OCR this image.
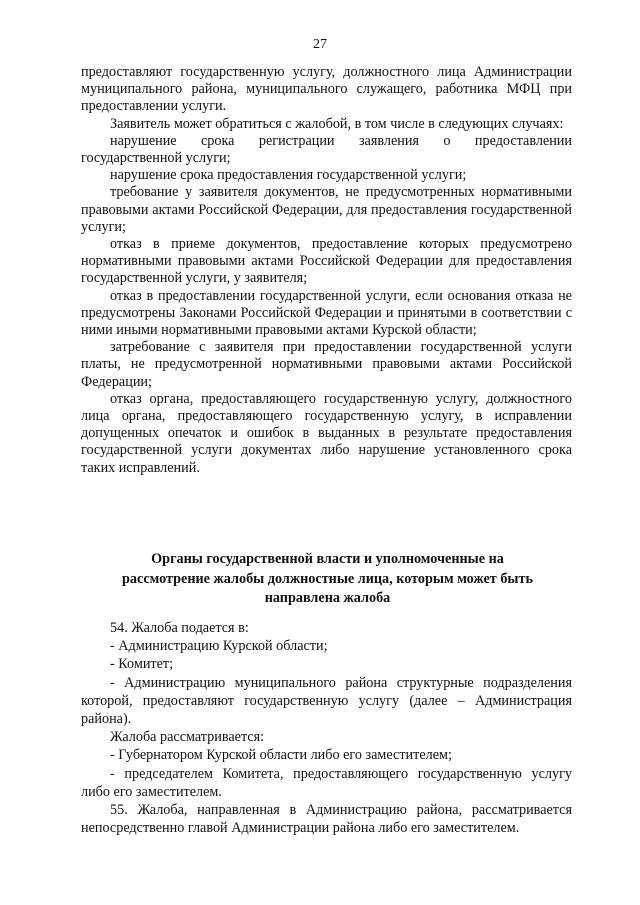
27

предоставляют государственную услугу, должностного лица Администрации муниципального района, муниципального служащего, работника МФЦ при предоставлении услуги.

Заявитель может обратиться с жалобой, в том числе в следующих случаях:

нарушение срока регистрации заявления о предоставлении государственной услуги;

нарушение срока предоставления государственной услуги;

требование у заявителя документов, не предусмотренных нормативными правовыми актами Российской Федерации, для предоставления государственной услуги;

отказ в приеме документов, предоставление которых предусмотрено нормативными правовыми актами Российской Федерации для предоставления государственной услуги, у заявителя;

отказ в предоставлении государственной услуги, если основания отказа не предусмотрены Законами Российской Федерации и принятыми в соответствии с ними иными нормативными правовыми актами Курской области;

затребование с заявителя при предоставлении государственной услуги платы, не предусмотренной нормативными правовыми актами Российской Федерации;

отказ органа, предоставляющего государственную услугу, должностного лица органа, предоставляющего государственную услугу, в исправлении допущенных опечаток и ошибок в выданных в результате предоставления государственной услуги документах либо нарушение установленного срока таких исправлений.

Органы государственной власти и уполномоченные на рассмотрение жалобы должностные лица, которым может быть направлена жалоба

54. Жалоба подается в:

- Администрацию Курской области;

- Комитет;

- Администрацию муниципального района структурные подразделения которой, предоставляют государственную услугу (далее – Администрация района).

Жалоба рассматривается:

- Губернатором Курской области либо его заместителем;

- председателем Комитета, предоставляющего государственную услугу либо его заместителем.

55. Жалоба, направленная в Администрацию района, рассматривается непосредственно главой Администрации района либо его заместителем.
